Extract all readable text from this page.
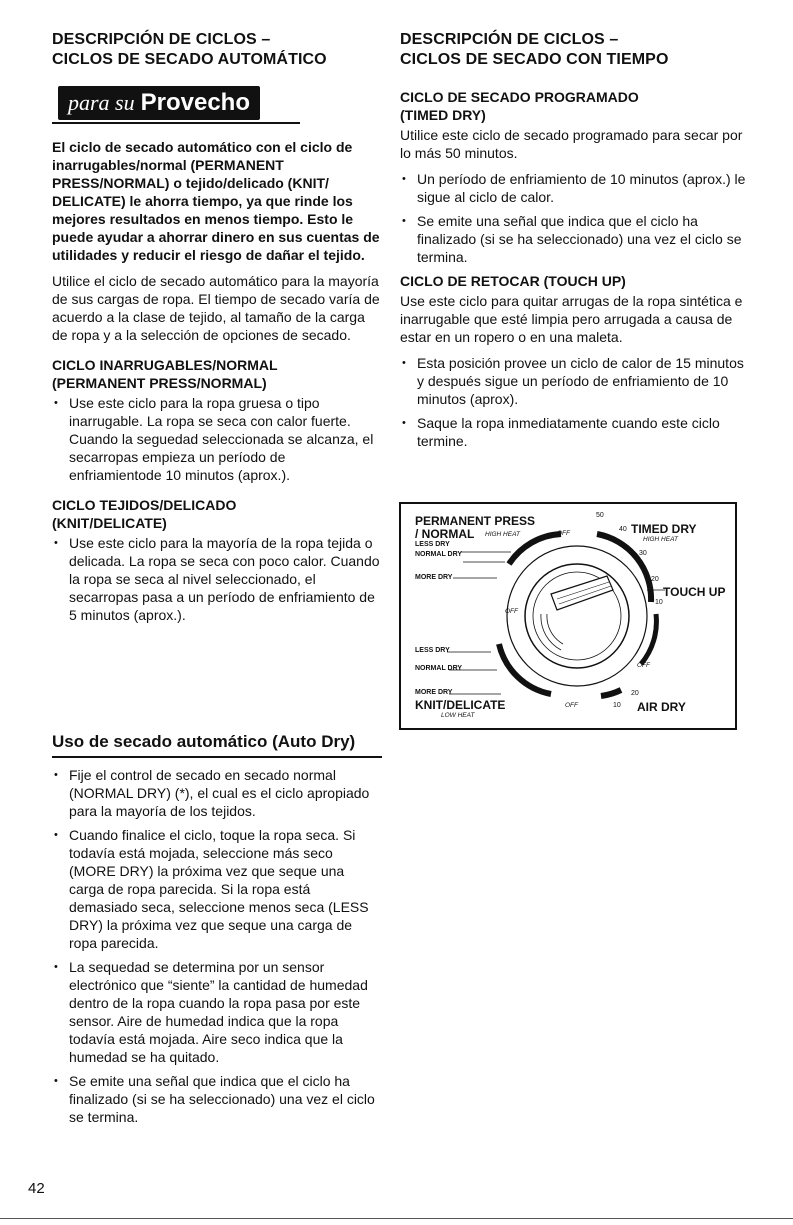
DESCRIPCIÓN DE CICLOS –
CICLOS DE SECADO AUTOMÁTICO
para su Provecho

El ciclo de secado automático con el ciclo de inarrugables/normal (PERMANENT PRESS/NORMAL) o tejido/delicado (KNIT/ DELICATE) le ahorra tiempo, ya que rinde los mejores resultados en menos tiempo. Esto le puede ayudar a ahorrar dinero en sus cuentas de utilidades y reducir el riesgo de dañar el tejido.

Utilice el ciclo de secado automático para la mayoría de sus cargas de ropa. El tiempo de secado varía de acuerdo a la clase de tejido, al tamaño de la carga de ropa y a la selección de opciones de secado.

CICLO INARRUGABLES/NORMAL
(PERMANENT PRESS/NORMAL)
• Use este ciclo para la ropa gruesa o tipo inarrugable. La ropa se seca con calor fuerte. Cuando la seguedad seleccionada se alcanza, el secarropas empieza un período de enfriamientode 10 minutos (aprox.).
CICLO TEJIDOS/DELICADO
(KNIT/DELICATE)
• Use este ciclo para la mayoría de la ropa tejida o delicada. La ropa se seca con poco calor. Cuando la ropa se seca al nivel seleccionado, el secarropas pasa a un período de enfriamiento de 5 minutos (aprox.).
Uso de secado automático (Auto Dry)
• Fije el control de secado en secado normal (NORMAL DRY) (*), el cual es el ciclo apropiado para la mayoría de los tejidos.
• Cuando finalice el ciclo, toque la ropa seca. Si todavía está mojada, seleccione más seco (MORE DRY) la próxima vez que seque una carga de ropa parecida. Si la ropa está demasiado seca, seleccione menos seca (LESS DRY) la próxima vez que seque una carga de ropa parecida.
• La sequedad se determina por un sensor electrónico que “siente” la cantidad de humedad dentro de la ropa cuando la ropa pasa por este sensor. Aire de humedad indica que la ropa todavía está mojada. Aire seco indica que la humedad se ha quitado.
• Se emite una señal que indica que el ciclo ha finalizado (si se ha seleccionado) una vez el ciclo se termina.
DESCRIPCIÓN DE CICLOS –
CICLOS DE SECADO CON TIEMPO
CICLO DE SECADO PROGRAMADO
(TIMED DRY)

Utilice este ciclo de secado programado para secar por lo más 50 minutos.

• Un período de enfriamiento de 10 minutos (aprox.) le sigue al ciclo de calor.
• Se emite una señal que indica que el ciclo ha finalizado (si se ha seleccionado) una vez el ciclo se termina.
CICLO DE RETOCAR (TOUCH UP)

Use este ciclo para quitar arrugas de la ropa sintética e inarrugable que esté limpia pero arrugada a causa de estar en un ropero o en una maleta.

• Esta posición provee un ciclo de calor de 15 minutos y después sigue un período de enfriamiento de 10 minutos (aprox).
• Saque la ropa inmediatamente cuando este ciclo termine.
PERMANENT PRESS
/ NORMAL HIGH HEAT
LESS DRY
NORMAL DRY
MORE DRY
OFF
OFF
LESS DRY
NORMAL DRY
MORE DRY
KNIT/DELICATE
LOW HEAT
OFF
TIMED DRY
HIGH HEAT
TOUCH UP
AIR DRY
OFF
50
40
30
20
10
20
10
42
